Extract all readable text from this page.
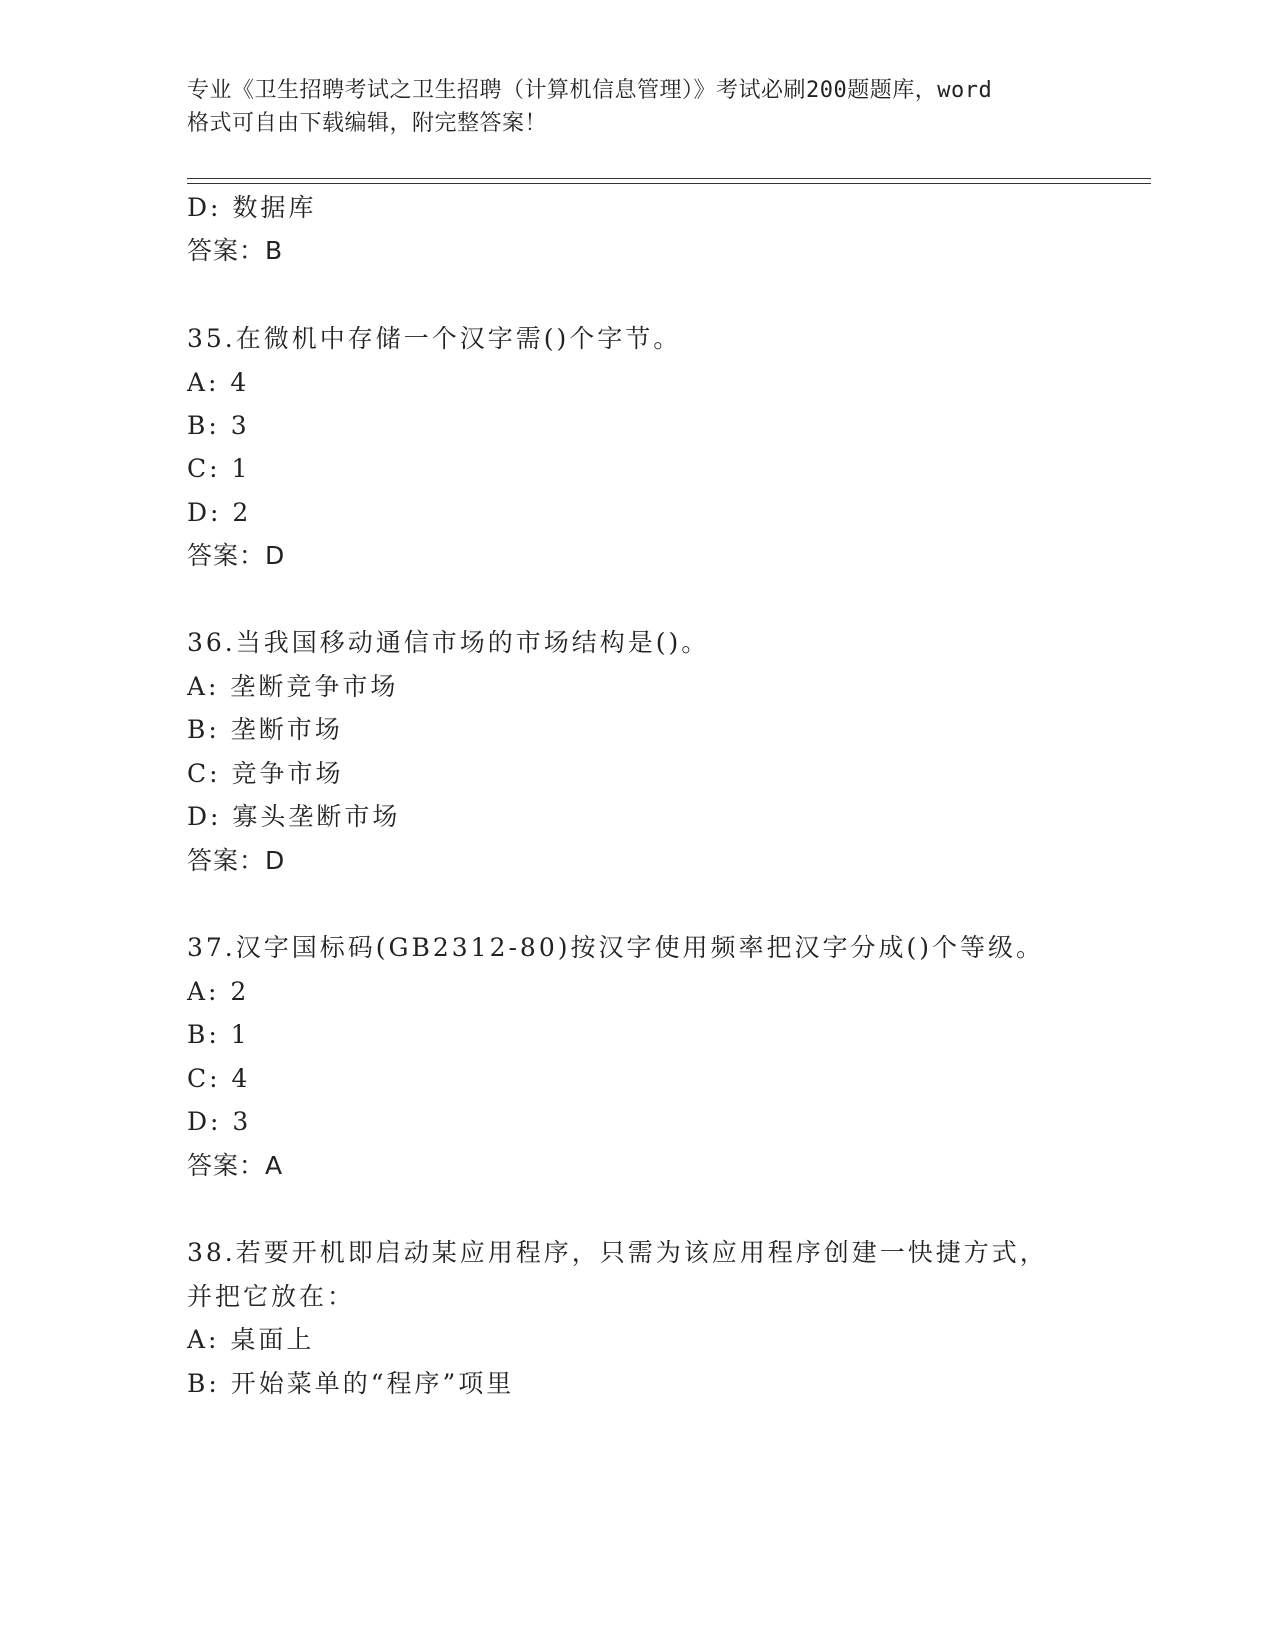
专业《卫生招聘考试之卫生招聘（计算机信息管理）》考试必刷200题题库，word
格式可自由下载编辑，附完整答案！
D: 数据库
答案：B
35.在微机中存储一个汉字需()个字节。
A: 4
B: 3
C: 1
D: 2
答案：D
36.当我国移动通信市场的市场结构是()。
A: 垄断竞争市场
B: 垄断市场
C: 竞争市场
D: 寡头垄断市场
答案：D
37.汉字国标码(GB2312-80)按汉字使用频率把汉字分成()个等级。
A: 2
B: 1
C: 4
D: 3
答案：A
38.若要开机即启动某应用程序，只需为该应用程序创建一快捷方式，
并把它放在：
A: 桌面上
B: 开始菜单的“程序”项里
